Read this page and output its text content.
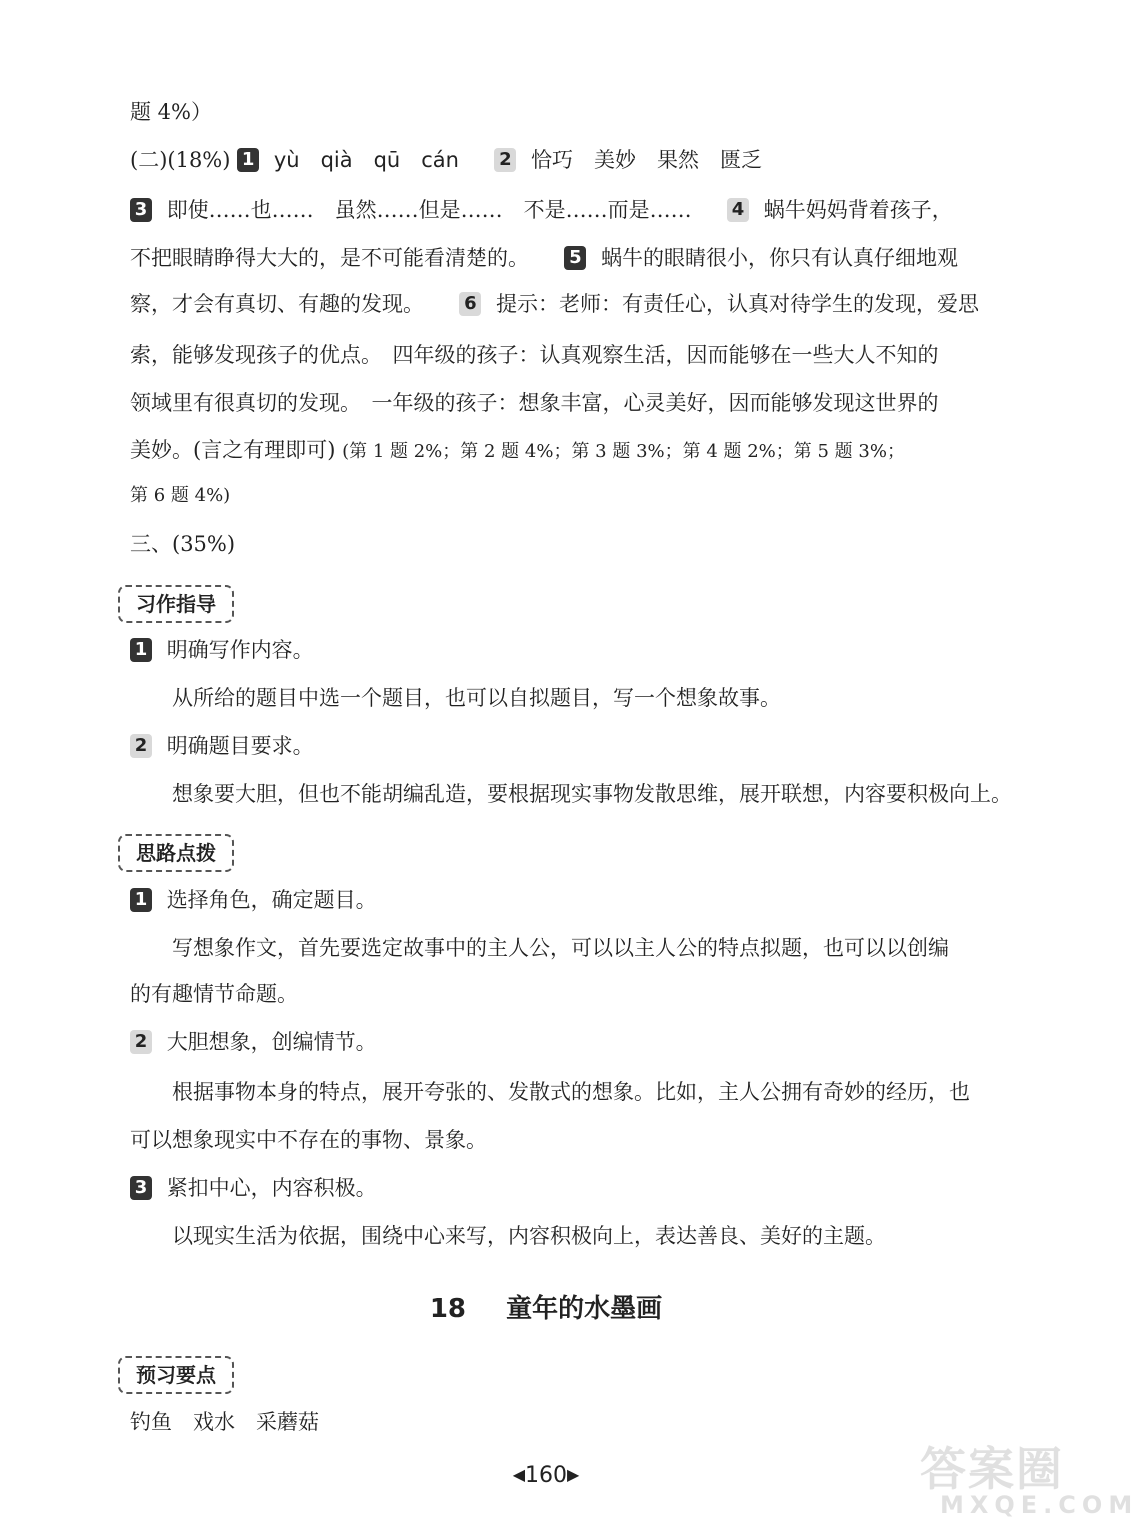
题 4%）
(二)(18%) 1 yù　qià　qū　cán 2 恰巧　美妙　果然　匮乏
3 即使……也……　虽然……但是……　不是……而是…… 4 蜗牛妈妈背着孩子，
不把眼睛睁得大大的，是不可能看清楚的。 5 蜗牛的眼睛很小，你只有认真仔细地观
察，才会有真切、有趣的发现。 6 提示：老师：有责任心，认真对待学生的发现，爱思
索，能够发现孩子的优点。　四年级的孩子：认真观察生活，因而能够在一些大人不知的
领域里有很真切的发现。　一年级的孩子：想象丰富，心灵美好，因而能够发现这世界的
美妙。(言之有理即可) (第 1 题 2%；第 2 题 4%；第 3 题 3%；第 4 题 2%；第 5 题 3%；
第 6 题 4%)
三、(35%)
习作指导
1 明确写作内容。
从所给的题目中选一个题目，也可以自拟题目，写一个想象故事。
2 明确题目要求。
想象要大胆，但也不能胡编乱造，要根据现实事物发散思维，展开联想，内容要积极向上。
思路点拨
1 选择角色，确定题目。
写想象作文，首先要选定故事中的主人公，可以以主人公的特点拟题，也可以以创编
的有趣情节命题。
2 大胆想象，创编情节。
根据事物本身的特点，展开夸张的、发散式的想象。比如，主人公拥有奇妙的经历，也
可以想象现实中不存在的事物、景象。
3 紧扣中心，内容积极。
以现实生活为依据，围绕中心来写，内容积极向上，表达善良、美好的主题。
18 童年的水墨画
预习要点
钓鱼　戏水　采蘑菇
◀160▶	答案圈
MXQE.COM
